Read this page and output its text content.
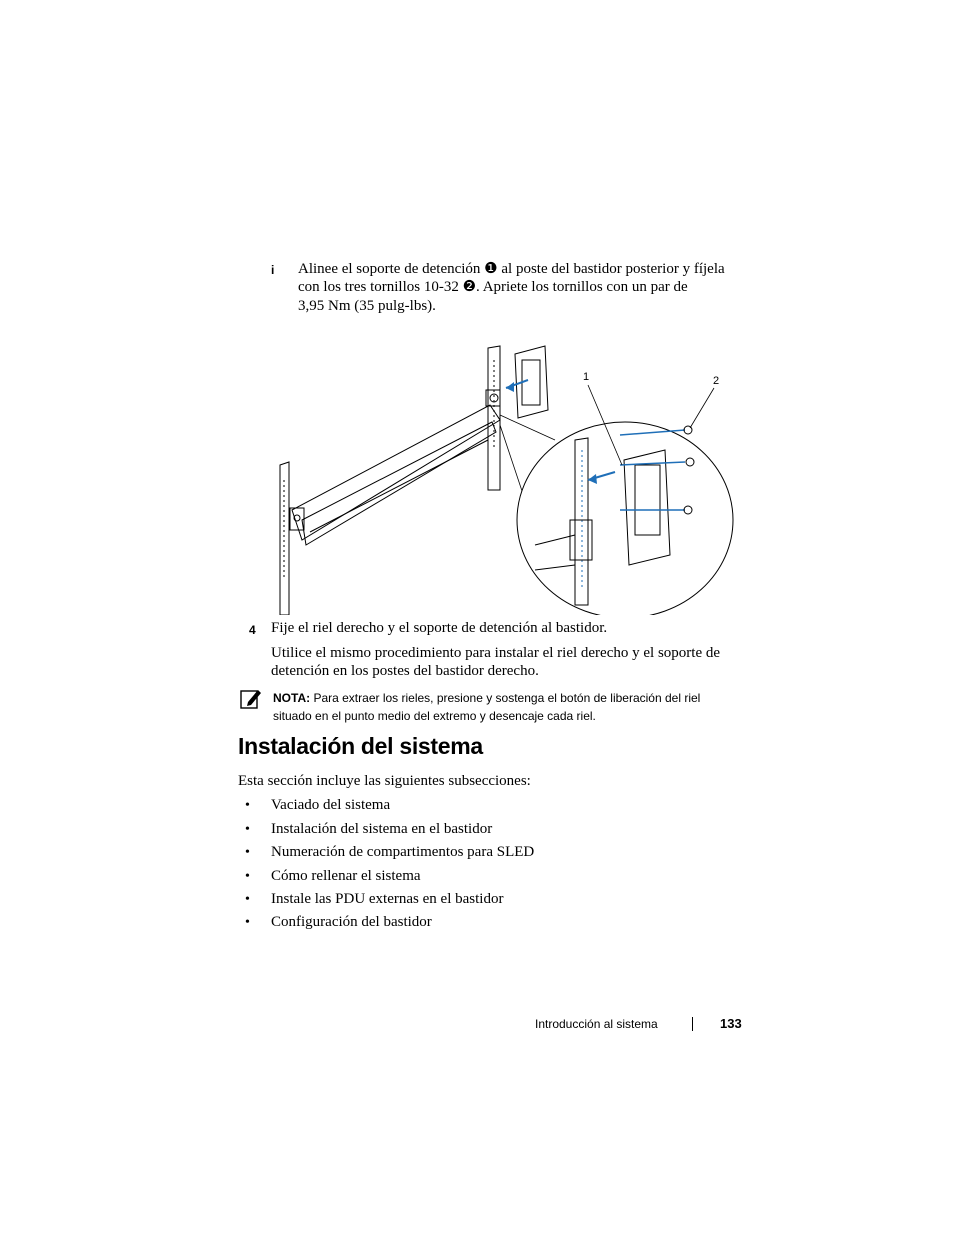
i Alinee el soporte de detención ❶ al poste del bastidor posterior y fíjela
con los tres tornillos 10-32 ❷. Apriete los tornillos con un par de
3,95 Nm (35 pulg-lbs).
1	2
4 Fije el riel derecho y el soporte de detención al bastidor.
Utilice el mismo procedimiento para instalar el riel derecho y el soporte de
detención en los postes del bastidor derecho.
NOTA: Para extraer los rieles, presione y sostenga el botón de liberación del riel
situado en el punto medio del extremo y desencaje cada riel.
Instalación del sistema
Esta sección incluye las siguientes subsecciones:
• Vaciado del sistema
• Instalación del sistema en el bastidor
• Numeración de compartimentos para SLED
• Cómo rellenar el sistema
• Instale las PDU externas en el bastidor
• Configuración del bastidor
Introducción al sistema	133
